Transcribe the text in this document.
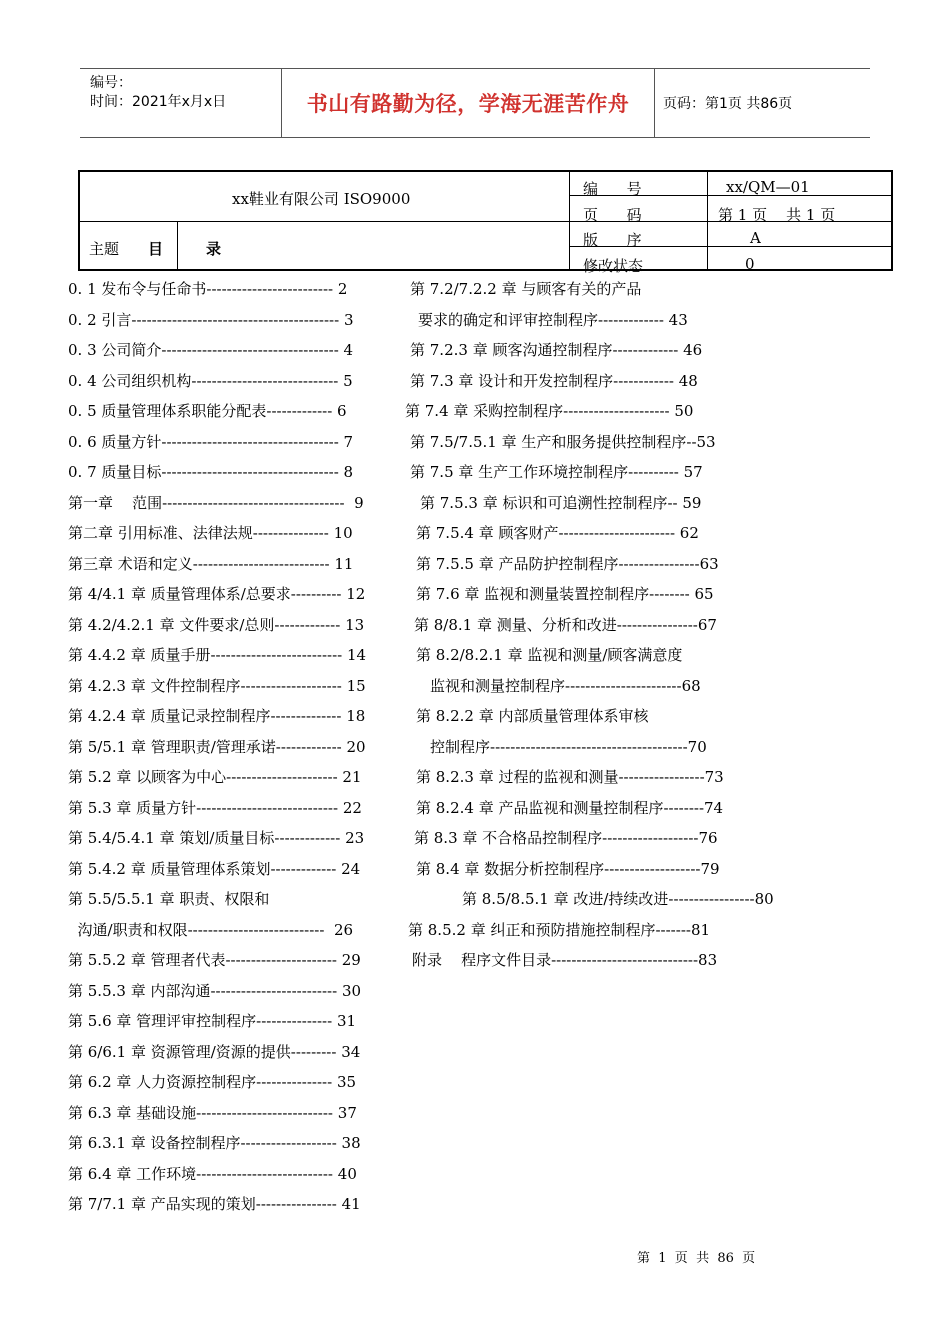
编号：
时间：2021年x月x日	书山有路勤为径，学海无涯苦作舟	页码：第1页 共86页
xx鞋业有限公司 ISO9000
主题 目	录
编      号	xx/QM—01
页      码	第 1 页    共 1 页
版      序	A
修改状态	0
0. 1 发布令与任命书------------------------- 2
0. 2 引言----------------------------------------- 3
0. 3 公司简介----------------------------------- 4
0. 4 公司组织机构----------------------------- 5
0. 5 质量管理体系职能分配表------------- 6
0. 6 质量方针----------------------------------- 7
0. 7 质量目标----------------------------------- 8
第一章    范围------------------------------------  9
第二章 引用标准、法律法规--------------- 10
第三章 术语和定义--------------------------- 11
第 4/4.1 章 质量管理体系/总要求---------- 12
第 4.2/4.2.1 章 文件要求/总则------------- 13
第 4.4.2 章 质量手册-------------------------- 14
第 4.2.3 章 文件控制程序-------------------- 15
第 4.2.4 章 质量记录控制程序-------------- 18
第 5/5.1 章 管理职责/管理承诺------------- 20
第 5.2 章 以顾客为中心---------------------- 21
第 5.3 章 质量方针---------------------------- 22
第 5.4/5.4.1 章 策划/质量目标------------- 23
第 5.4.2 章 质量管理体系策划------------- 24
第 5.5/5.5.1 章 职责、权限和
沟通/职责和权限---------------------------  26
第 5.5.2 章 管理者代表---------------------- 29
第 5.5.3 章 内部沟通------------------------- 30
第 5.6 章 管理评审控制程序--------------- 31
第 6/6.1 章 资源管理/资源的提供--------- 34
第 6.2 章 人力资源控制程序--------------- 35
第 6.3 章 基础设施--------------------------- 37
第 6.3.1 章 设备控制程序------------------- 38
第 6.4 章 工作环境--------------------------- 40
第 7/7.1 章 产品实现的策划---------------- 41
第 7.2/7.2.2 章 与顾客有关的产品
要求的确定和评审控制程序------------- 43
第 7.2.3 章 顾客沟通控制程序------------- 46
第 7.3 章 设计和开发控制程序------------ 48
第 7.4 章 采购控制程序--------------------- 50
第 7.5/7.5.1 章 生产和服务提供控制程序--53
第 7.5 章 生产工作环境控制程序---------- 57
第 7.5.3 章 标识和可追溯性控制程序-- 59
第 7.5.4 章 顾客财产----------------------- 62
第 7.5.5 章 产品防护控制程序----------------63
第 7.6 章 监视和测量装置控制程序-------- 65
第 8/8.1 章 测量、分析和改进----------------67
第 8.2/8.2.1 章 监视和测量/顾客满意度
监视和测量控制程序-----------------------68
第 8.2.2 章 内部质量管理体系审核
控制程序---------------------------------------70
第 8.2.3 章 过程的监视和测量-----------------73
第 8.2.4 章 产品监视和测量控制程序--------74
第 8.3 章 不合格品控制程序-------------------76
第 8.4 章 数据分析控制程序-------------------79
第 8.5/8.5.1 章 改进/持续改进-----------------80
第 8.5.2 章 纠正和预防措施控制程序-------81
附录    程序文件目录-----------------------------83
第  1  页  共  86  页
